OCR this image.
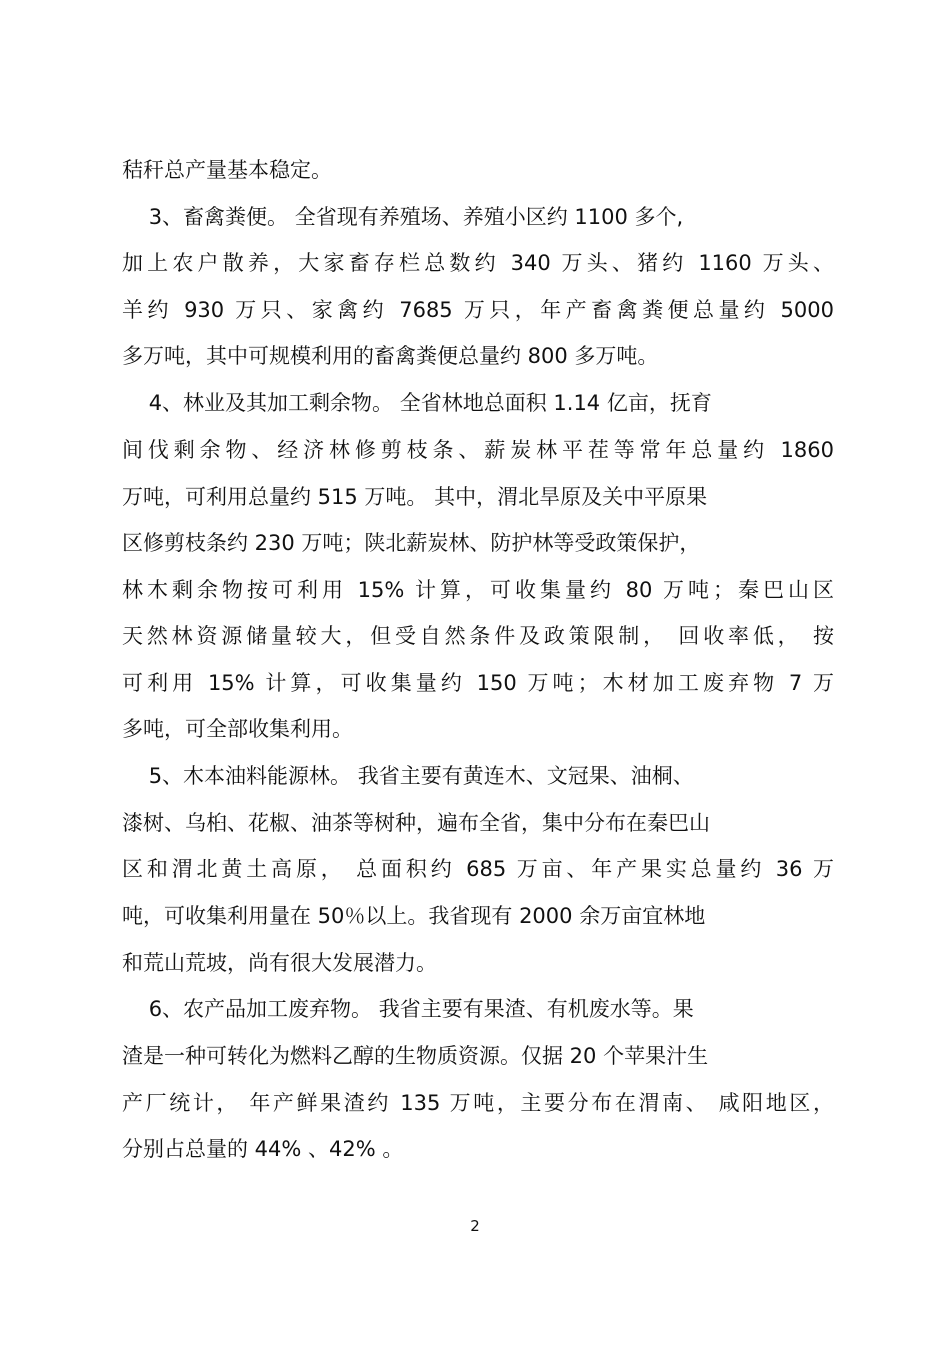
秸秆总产量基本稳定。
3、畜禽粪便。 全省现有养殖场、养殖小区约 1100 多个,
加上农户散养，大家畜存栏总数约 340 万头、猪约 1160 万头、
羊约 930 万只、家禽约 7685 万只，年产畜禽粪便总量约 5000
多万吨，其中可规模利用的畜禽粪便总量约 800 多万吨。
4、林业及其加工剩余物。 全省林地总面积 1.14 亿亩，抚育
间伐剩余物、经济林修剪枝条、薪炭林平茬等常年总量约 1860
万吨，可利用总量约 515 万吨。 其中，渭北旱原及关中平原果
区修剪枝条约 230 万吨；陕北薪炭林、防护林等受政策保护，
林木剩余物按可利用 15% 计算，可收集量约 80 万吨；秦巴山区
天然林资源储量较大，但受自然条件及政策限制， 回收率低， 按
可利用 15% 计算，可收集量约 150 万吨；木材加工废弃物 7 万
多吨，可全部收集利用。
5、木本油料能源林。 我省主要有黄连木、文冠果、油桐、
漆树、乌桕、花椒、油茶等树种，遍布全省，集中分布在秦巴山
区和渭北黄土高原， 总面积约 685 万亩、年产果实总量约 36 万
吨，可收集利用量在 50％以上。我省现有 2000 余万亩宜林地
和荒山荒坡，尚有很大发展潜力。
6、农产品加工废弃物。 我省主要有果渣、有机废水等。果
渣是一种可转化为燃料乙醇的生物质资源。仅据 20 个苹果汁生
产厂统计， 年产鲜果渣约 135 万吨，主要分布在渭南、 咸阳地区，
分别占总量的 44% 、42% 。
2
